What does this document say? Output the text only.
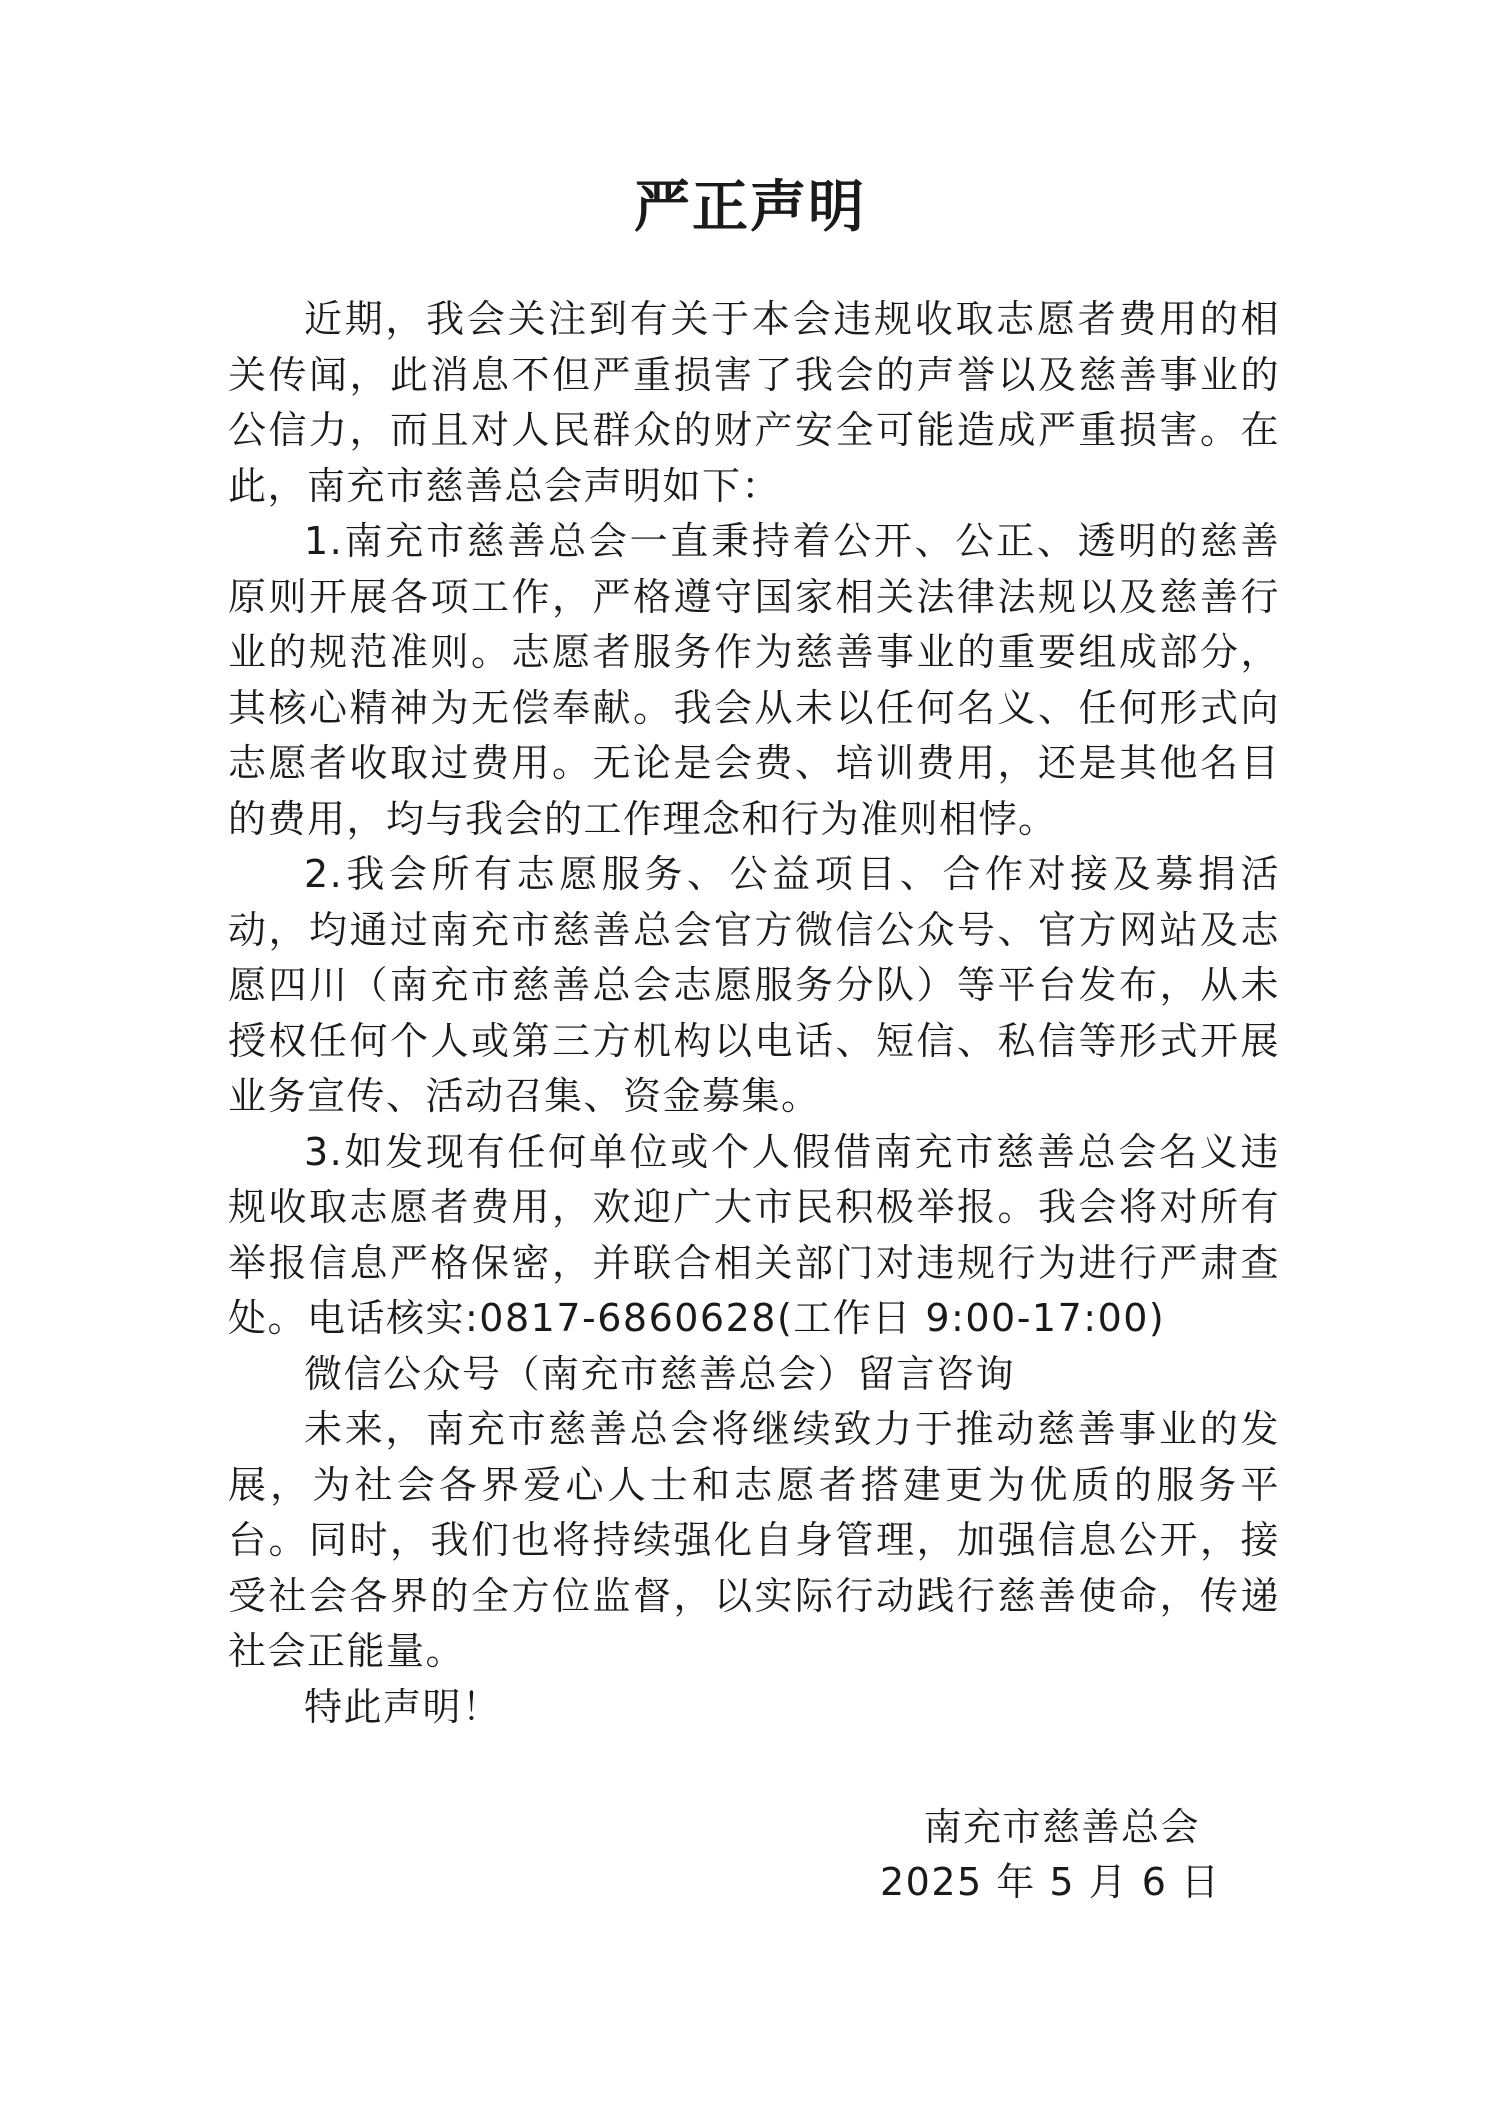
严正声明

近期，我会关注到有关于本会违规收取志愿者费用的相关传闻，此消息不但严重损害了我会的声誉以及慈善事业的公信力，而且对人民群众的财产安全可能造成严重损害。在此，南充市慈善总会声明如下：

1.南充市慈善总会一直秉持着公开、公正、透明的慈善原则开展各项工作，严格遵守国家相关法律法规以及慈善行业的规范准则。志愿者服务作为慈善事业的重要组成部分，其核心精神为无偿奉献。我会从未以任何名义、任何形式向志愿者收取过费用。无论是会费、培训费用，还是其他名目的费用，均与我会的工作理念和行为准则相悖。

2.我会所有志愿服务、公益项目、合作对接及募捐活动，均通过南充市慈善总会官方微信公众号、官方网站及志愿四川（南充市慈善总会志愿服务分队）等平台发布，从未授权任何个人或第三方机构以电话、短信、私信等形式开展业务宣传、活动召集、资金募集。

3.如发现有任何单位或个人假借南充市慈善总会名义违规收取志愿者费用，欢迎广大市民积极举报。我会将对所有举报信息严格保密，并联合相关部门对违规行为进行严肃查处。电话核实:0817-6860628(工作日 9:00-17:00)

微信公众号（南充市慈善总会）留言咨询

未来，南充市慈善总会将继续致力于推动慈善事业的发展，为社会各界爱心人士和志愿者搭建更为优质的服务平台。同时，我们也将持续强化自身管理，加强信息公开，接受社会各界的全方位监督，以实际行动践行慈善使命，传递社会正能量。

特此声明！

南充市慈善总会
2025 年 5 月 6 日
